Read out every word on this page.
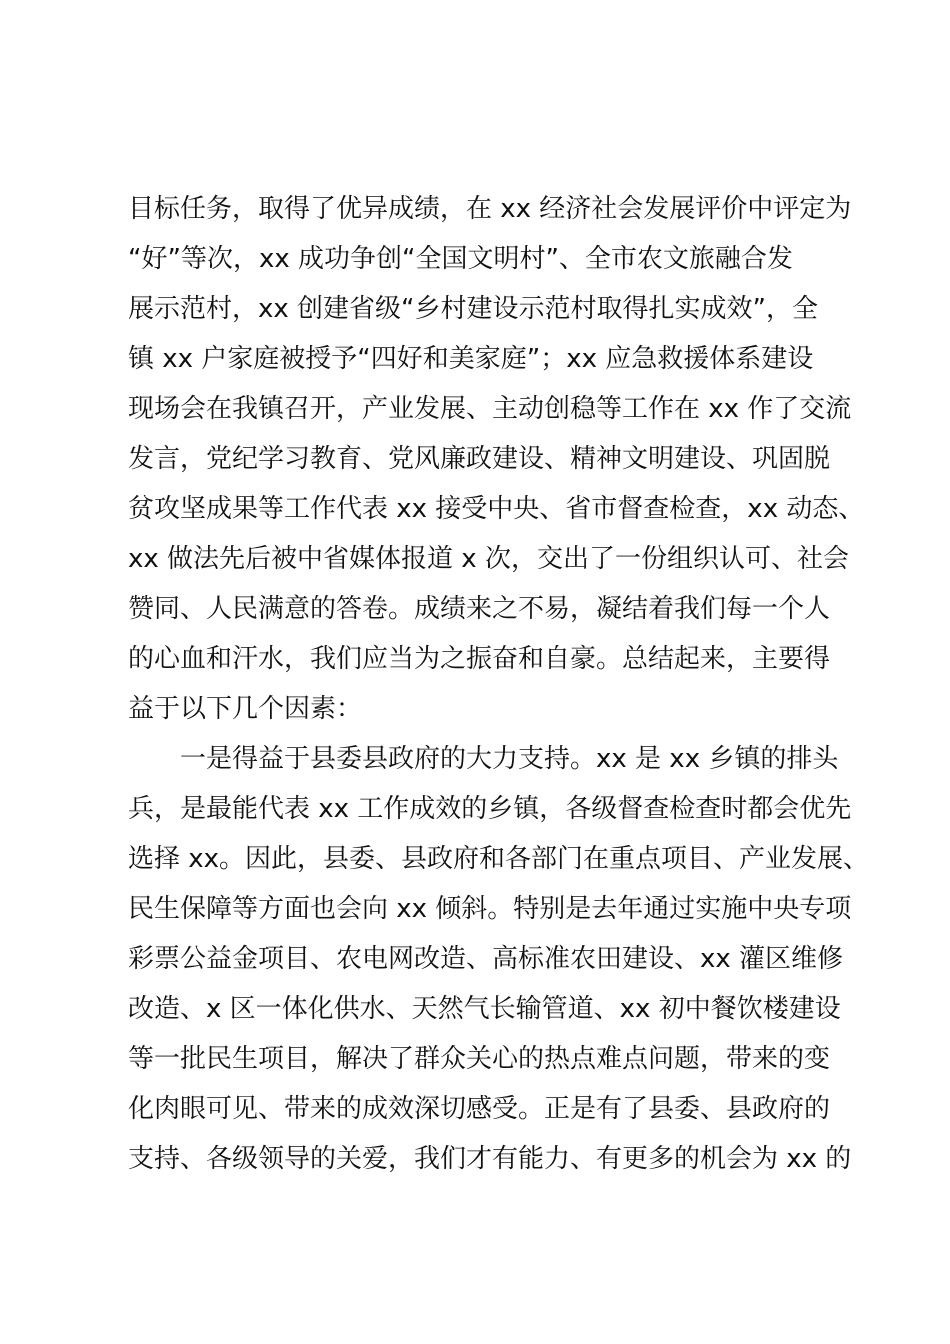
目标任务，取得了优异成绩，在 xx 经济社会发展评价中评定为
“好”等次，xx 成功争创“全国文明村”、全市农文旅融合发
展示范村，xx 创建省级“乡村建设示范村取得扎实成效”，全
镇 xx 户家庭被授予“四好和美家庭”；xx 应急救援体系建设
现场会在我镇召开，产业发展、主动创稳等工作在 xx 作了交流
发言，党纪学习教育、党风廉政建设、精神文明建设、巩固脱
贫攻坚成果等工作代表 xx 接受中央、省市督查检查，xx 动态、
xx 做法先后被中省媒体报道 x 次，交出了一份组织认可、社会
赞同、人民满意的答卷。成绩来之不易，凝结着我们每一个人
的心血和汗水，我们应当为之振奋和自豪。总结起来，主要得
益于以下几个因素：
　　一是得益于县委县政府的大力支持。xx 是 xx 乡镇的排头
兵，是最能代表 xx 工作成效的乡镇，各级督查检查时都会优先
选择 xx。因此，县委、县政府和各部门在重点项目、产业发展、
民生保障等方面也会向 xx 倾斜。特别是去年通过实施中央专项
彩票公益金项目、农电网改造、高标准农田建设、xx 灌区维修
改造、x 区一体化供水、天然气长输管道、xx 初中餐饮楼建设
等一批民生项目，解决了群众关心的热点难点问题，带来的变
化肉眼可见、带来的成效深切感受。正是有了县委、县政府的
支持、各级领导的关爱，我们才有能力、有更多的机会为 xx 的
